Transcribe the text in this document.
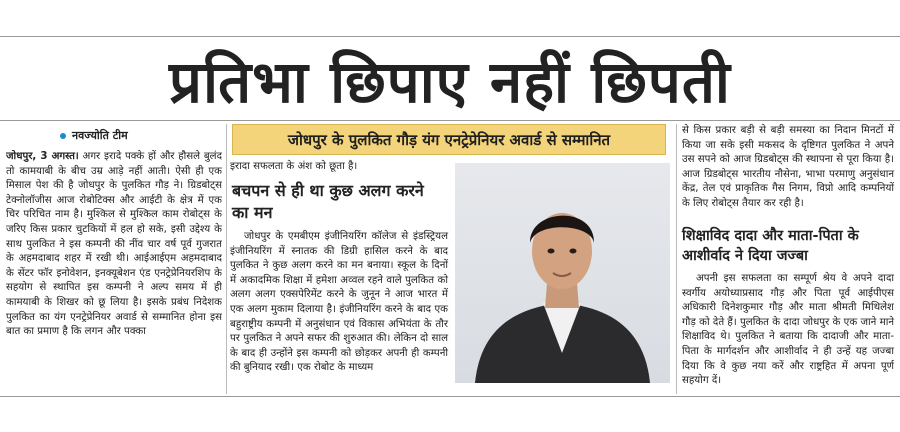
प्रतिभा छिपाए नहीं छिपती
नवज्योति टीम

जोधपुर, 3 अगस्त। अगर इरादे पक्के हों और हौसले बुलंद तो कामयाबी के बीच उम्र आड़े नहीं आती। ऐसी ही एक मिसाल पेश की है जोधपुर के पुलकित गौड़ ने। ग्रिडबोट्स टेक्नोलॉजीस आज रोबोटिक्स और आईटी के क्षेत्र में एक चिर परिचित नाम है। मुश्किल से मुश्किल काम रोबोट्स के जरिए किस प्रकार चुटकियों में हल हो सके, इसी उद्देश्य के साथ पुलकित ने इस कम्पनी की नींव चार वर्ष पूर्व गुजरात के अहमदाबाद शहर में रखी थी। आईआईएम अहमदाबाद के सेंटर फॉर इनोवेशन, इनक्यूबेशन एंड एनट्रेप्रेनियरशिप के सहयोग से स्थापित इस कम्पनी ने अल्प समय में ही कामयाबी के शिखर को छू लिया है। इसके प्रबंध निदेशक पुलकित का यंग एनट्रेप्रेनियर अवार्ड से सम्मानित होना इस बात का प्रमाण है कि लगन और पक्का

जोधपुर के पुलकित गौड़ यंग एनट्रेप्रेनियर अवार्ड से सम्मानित

इरादा सफलता के अंश को छूता है।

बचपन से ही था कुछ अलग करने का मन

जोधपुर के एमबीएम इंजीनियरिंग कॉलेज से इंडस्ट्रियल इंजीनियरिंग में स्नातक की डिग्री हासिल करने के बाद पुलकित ने कुछ अलग करने का मन बनाया। स्कूल के दिनों में अकादमिक शिक्षा में हमेशा अव्वल रहने वाले पुलकित को अलग अलग एक्सपेरिमेंट करने के जुनून ने आज भारत में एक अलग मुकाम दिलाया है। इंजीनियरिंग करने के बाद एक बहुराष्ट्रीय कम्पनी में अनुसंधान एवं विकास अभियंता के तौर पर पुलकित ने अपने सफर की शुरुआत की। लेकिन दो साल के बाद ही उन्होंने इस कम्पनी को छोड़कर अपनी ही कम्पनी की बुनियाद रखी। एक रोबोट के माध्यम

से किस प्रकार बड़ी से बड़ी समस्या का निदान मिनटों में किया जा सके इसी मकसद के दृष्टिगत पुलकित ने अपने उस सपने को आज ग्रिडबोट्स की स्थापना से पूरा किया है। आज ग्रिडबोट्स भारतीय नौसेना, भाभा परमाणु अनुसंधान केंद्र, तेल एवं प्राकृतिक गैस निगम, विप्रो आदि कम्पनियों के लिए रोबोट्स तैयार कर रही है।

शिक्षाविद दादा और माता-पिता के आशीर्वाद ने दिया जज्बा

अपनी इस सफलता का सम्पूर्ण श्रेय वे अपने दादा स्वर्गीय अयोध्याप्रसाद गौड़ और पिता पूर्व आईपीएस अधिकारी दिनेशकुमार गौड़ और माता श्रीमती मिथिलेश गौड़ को देते हैं। पुलकित के दादा जोधपुर के एक जाने माने शिक्षाविद थे। पुलकित ने बताया कि दादाजी और माता-पिता के मार्गदर्शन और आशीर्वाद ने ही उन्हें यह जज्बा दिया कि वे कुछ नया करें और राष्ट्रहित में अपना पूर्ण सहयोग दें।
